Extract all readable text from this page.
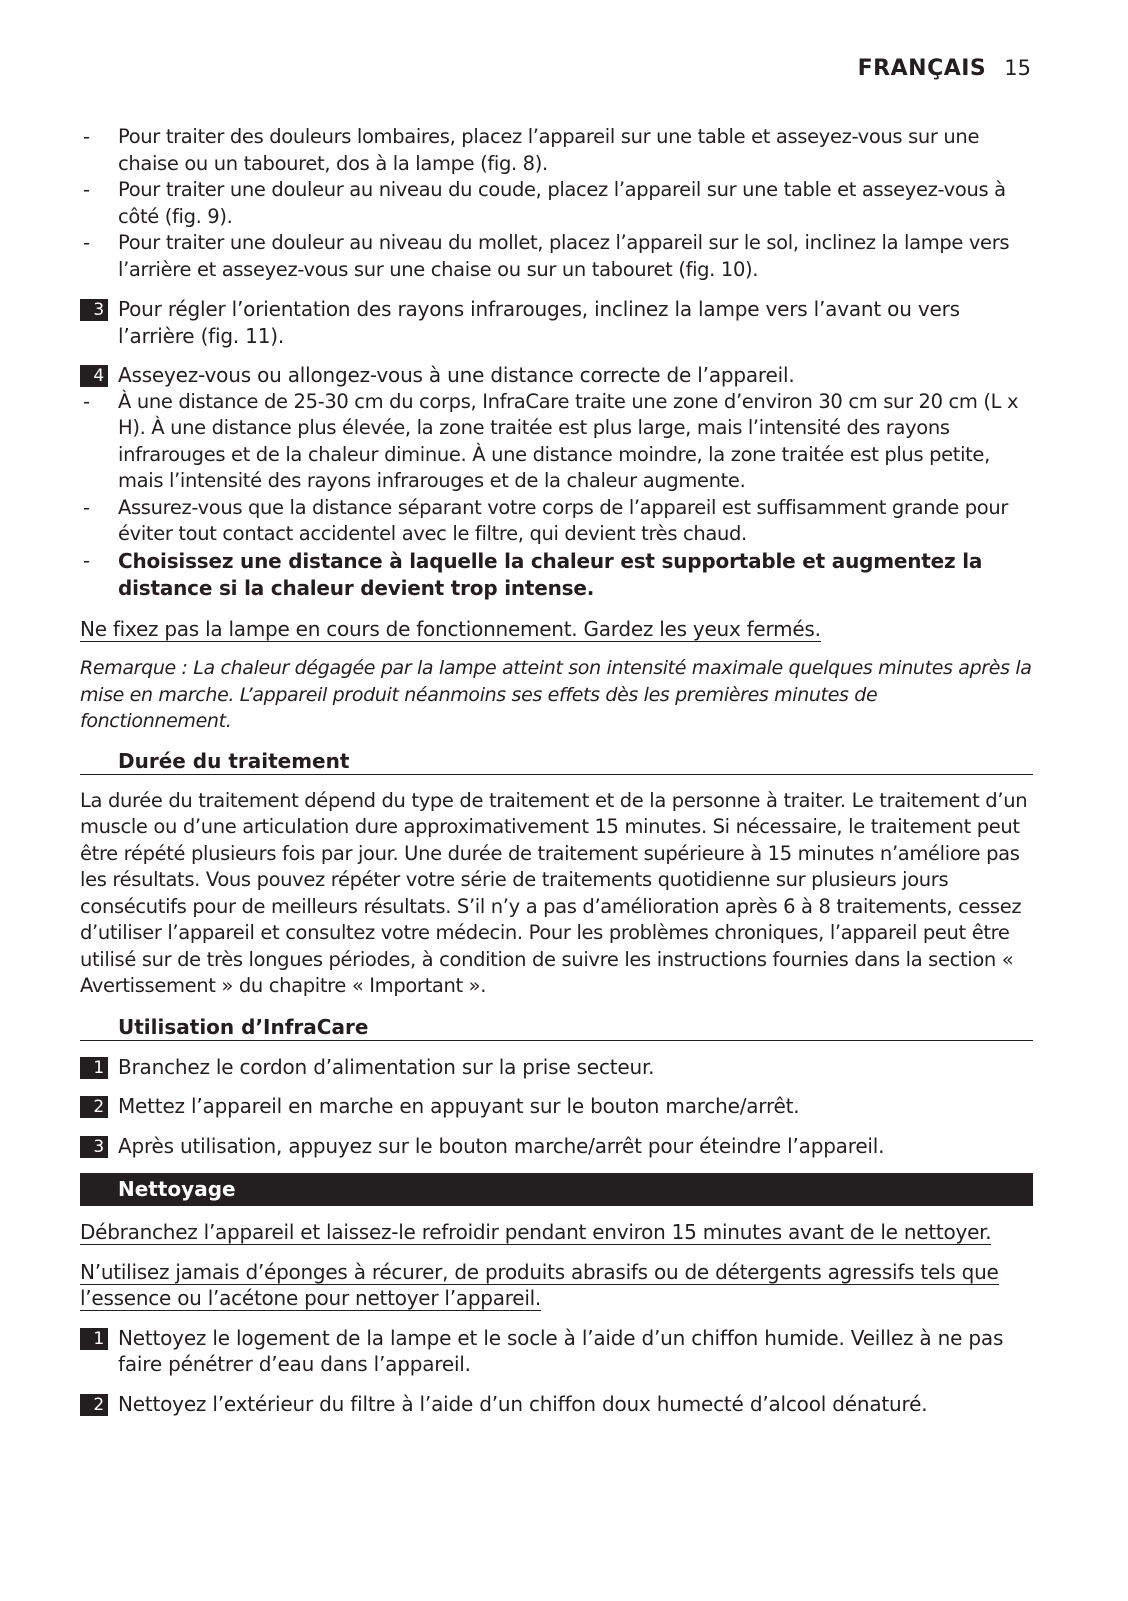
FRANÇAIS 15
- Pour traiter des douleurs lombaires, placez l’appareil sur une table et asseyez-vous sur une chaise ou un tabouret, dos à la lampe (fig. 8).
- Pour traiter une douleur au niveau du coude, placez l’appareil sur une table et asseyez-vous à côté (fig. 9).
- Pour traiter une douleur au niveau du mollet, placez l’appareil sur le sol, inclinez la lampe vers l’arrière et asseyez-vous sur une chaise ou sur un tabouret (fig. 10).
3 Pour régler l’orientation des rayons infrarouges, inclinez la lampe vers l’avant ou vers l’arrière (fig. 11).
4 Asseyez-vous ou allongez-vous à une distance correcte de l’appareil.
- À une distance de 25-30 cm du corps, InfraCare traite une zone d’environ 30 cm sur 20 cm (L x H). À une distance plus élevée, la zone traitée est plus large, mais l’intensité des rayons infrarouges et de la chaleur diminue. À une distance moindre, la zone traitée est plus petite, mais l’intensité des rayons infrarouges et de la chaleur augmente.
- Assurez-vous que la distance séparant votre corps de l’appareil est suffisamment grande pour éviter tout contact accidentel avec le filtre, qui devient très chaud.
- Choisissez une distance à laquelle la chaleur est supportable et augmentez la distance si la chaleur devient trop intense.
Ne fixez pas la lampe en cours de fonctionnement. Gardez les yeux fermés.

Remarque : La chaleur dégagée par la lampe atteint son intensité maximale quelques minutes après la mise en marche. L’appareil produit néanmoins ses effets dès les premières minutes de fonctionnement.

Durée du traitement

La durée du traitement dépend du type de traitement et de la personne à traiter. Le traitement d’un muscle ou d’une articulation dure approximativement 15 minutes. Si nécessaire, le traitement peut être répété plusieurs fois par jour. Une durée de traitement supérieure à 15 minutes n’améliore pas les résultats. Vous pouvez répéter votre série de traitements quotidienne sur plusieurs jours consécutifs pour de meilleurs résultats. S’il n’y a pas d’amélioration après 6 à 8 traitements, cessez d’utiliser l’appareil et consultez votre médecin. Pour les problèmes chroniques, l’appareil peut être utilisé sur de très longues périodes, à condition de suivre les instructions fournies dans la section « Avertissement » du chapitre « Important ».

Utilisation d’InfraCare
1 Branchez le cordon d’alimentation sur la prise secteur.
2 Mettez l’appareil en marche en appuyant sur le bouton marche/arrêt.
3 Après utilisation, appuyez sur le bouton marche/arrêt pour éteindre l’appareil.
Nettoyage
Débranchez l’appareil et laissez-le refroidir pendant environ 15 minutes avant de le nettoyer.
N’utilisez jamais d’éponges à récurer, de produits abrasifs ou de détergents agressifs tels que l’essence ou l’acétone pour nettoyer l’appareil.
1 Nettoyez le logement de la lampe et le socle à l’aide d’un chiffon humide. Veillez à ne pas faire pénétrer d’eau dans l’appareil.
2 Nettoyez l’extérieur du filtre à l’aide d’un chiffon doux humecté d’alcool dénaturé.
